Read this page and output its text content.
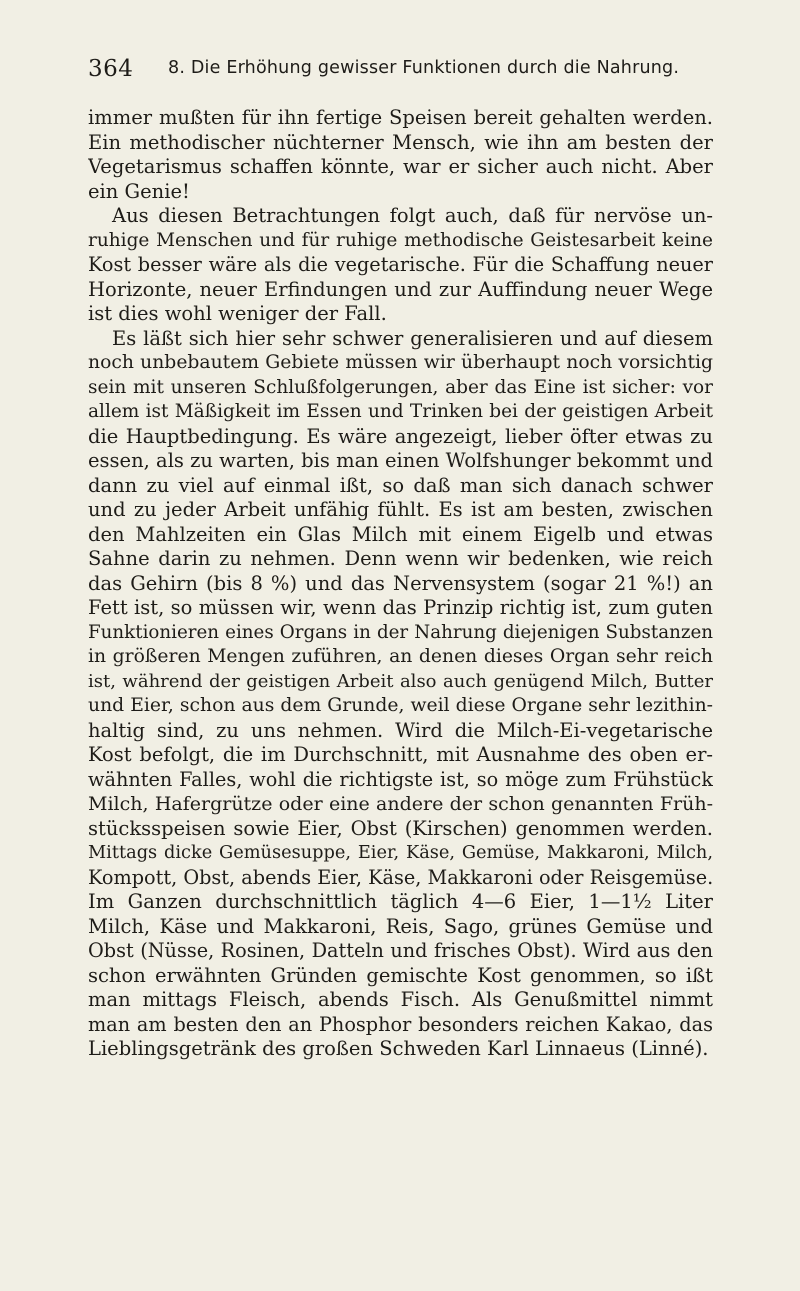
364 8. Die Erhöhung gewisser Funktionen durch die Nahrung.
immer mußten für ihn fertige Speisen bereit gehalten werden.
Ein methodischer nüchterner Mensch, wie ihn am besten der
Vegetarismus schaffen könnte, war er sicher auch nicht. Aber
ein Genie!
Aus diesen Betrachtungen folgt auch, daß für nervöse un-
ruhige Menschen und für ruhige methodische Geistesarbeit keine
Kost besser wäre als die vegetarische. Für die Schaffung neuer
Horizonte, neuer Erfindungen und zur Auffindung neuer Wege
ist dies wohl weniger der Fall.
Es läßt sich hier sehr schwer generalisieren und auf diesem
noch unbebautem Gebiete müssen wir überhaupt noch vorsichtig
sein mit unseren Schlußfolgerungen, aber das Eine ist sicher: vor
allem ist Mäßigkeit im Essen und Trinken bei der geistigen Arbeit
die Hauptbedingung. Es wäre angezeigt, lieber öfter etwas zu
essen, als zu warten, bis man einen Wolfshunger bekommt und
dann zu viel auf einmal ißt, so daß man sich danach schwer
und zu jeder Arbeit unfähig fühlt. Es ist am besten, zwischen
den Mahlzeiten ein Glas Milch mit einem Eigelb und etwas
Sahne darin zu nehmen. Denn wenn wir bedenken, wie reich
das Gehirn (bis 8 %) und das Nervensystem (sogar 21 %!) an
Fett ist, so müssen wir, wenn das Prinzip richtig ist, zum guten
Funktionieren eines Organs in der Nahrung diejenigen Substanzen
in größeren Mengen zuführen, an denen dieses Organ sehr reich
ist, während der geistigen Arbeit also auch genügend Milch, Butter
und Eier, schon aus dem Grunde, weil diese Organe sehr lezithin-
haltig sind, zu uns nehmen. Wird die Milch-Ei-vegetarische
Kost befolgt, die im Durchschnitt, mit Ausnahme des oben er-
wähnten Falles, wohl die richtigste ist, so möge zum Frühstück
Milch, Hafergrütze oder eine andere der schon genannten Früh-
stücksspeisen sowie Eier, Obst (Kirschen) genommen werden.
Mittags dicke Gemüsesuppe, Eier, Käse, Gemüse, Makkaroni, Milch,
Kompott, Obst, abends Eier, Käse, Makkaroni oder Reisgemüse.
Im Ganzen durchschnittlich täglich 4—6 Eier, 1—1½ Liter
Milch, Käse und Makkaroni, Reis, Sago, grünes Gemüse und
Obst (Nüsse, Rosinen, Datteln und frisches Obst). Wird aus den
schon erwähnten Gründen gemischte Kost genommen, so ißt
man mittags Fleisch, abends Fisch. Als Genußmittel nimmt
man am besten den an Phosphor besonders reichen Kakao, das
Lieblingsgetränk des großen Schweden Karl Linnaeus (Linné).
